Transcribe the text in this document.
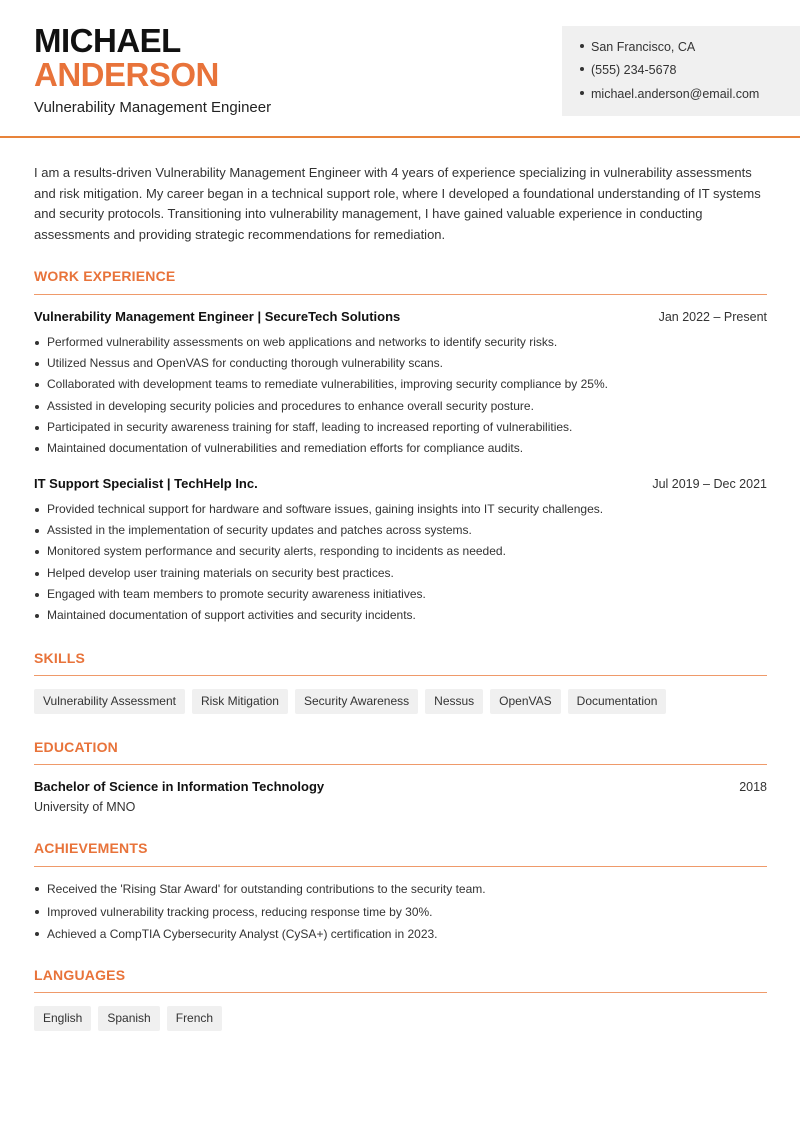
MICHAEL
ANDERSON
Vulnerability Management Engineer
San Francisco, CA
(555) 234-5678
michael.anderson@email.com

I am a results-driven Vulnerability Management Engineer with 4 years of experience specializing in vulnerability assessments and risk mitigation. My career began in a technical support role, where I developed a foundational understanding of IT systems and security protocols. Transitioning into vulnerability management, I have gained valuable experience in conducting assessments and providing strategic recommendations for remediation.

WORK EXPERIENCE
Vulnerability Management Engineer | SecureTech Solutions	Jan 2022 – Present
Performed vulnerability assessments on web applications and networks to identify security risks.
Utilized Nessus and OpenVAS for conducting thorough vulnerability scans.
Collaborated with development teams to remediate vulnerabilities, improving security compliance by 25%.
Assisted in developing security policies and procedures to enhance overall security posture.
Participated in security awareness training for staff, leading to increased reporting of vulnerabilities.
Maintained documentation of vulnerabilities and remediation efforts for compliance audits.
IT Support Specialist | TechHelp Inc.	Jul 2019 – Dec 2021
Provided technical support for hardware and software issues, gaining insights into IT security challenges.
Assisted in the implementation of security updates and patches across systems.
Monitored system performance and security alerts, responding to incidents as needed.
Helped develop user training materials on security best practices.
Engaged with team members to promote security awareness initiatives.
Maintained documentation of support activities and security incidents.
SKILLS
Vulnerability Assessment	Risk Mitigation	Security Awareness	Nessus	OpenVAS	Documentation
EDUCATION
Bachelor of Science in Information Technology	2018
University of MNO
ACHIEVEMENTS
Received the 'Rising Star Award' for outstanding contributions to the security team.
Improved vulnerability tracking process, reducing response time by 30%.
Achieved a CompTIA Cybersecurity Analyst (CySA+) certification in 2023.
LANGUAGES
English	Spanish	French
